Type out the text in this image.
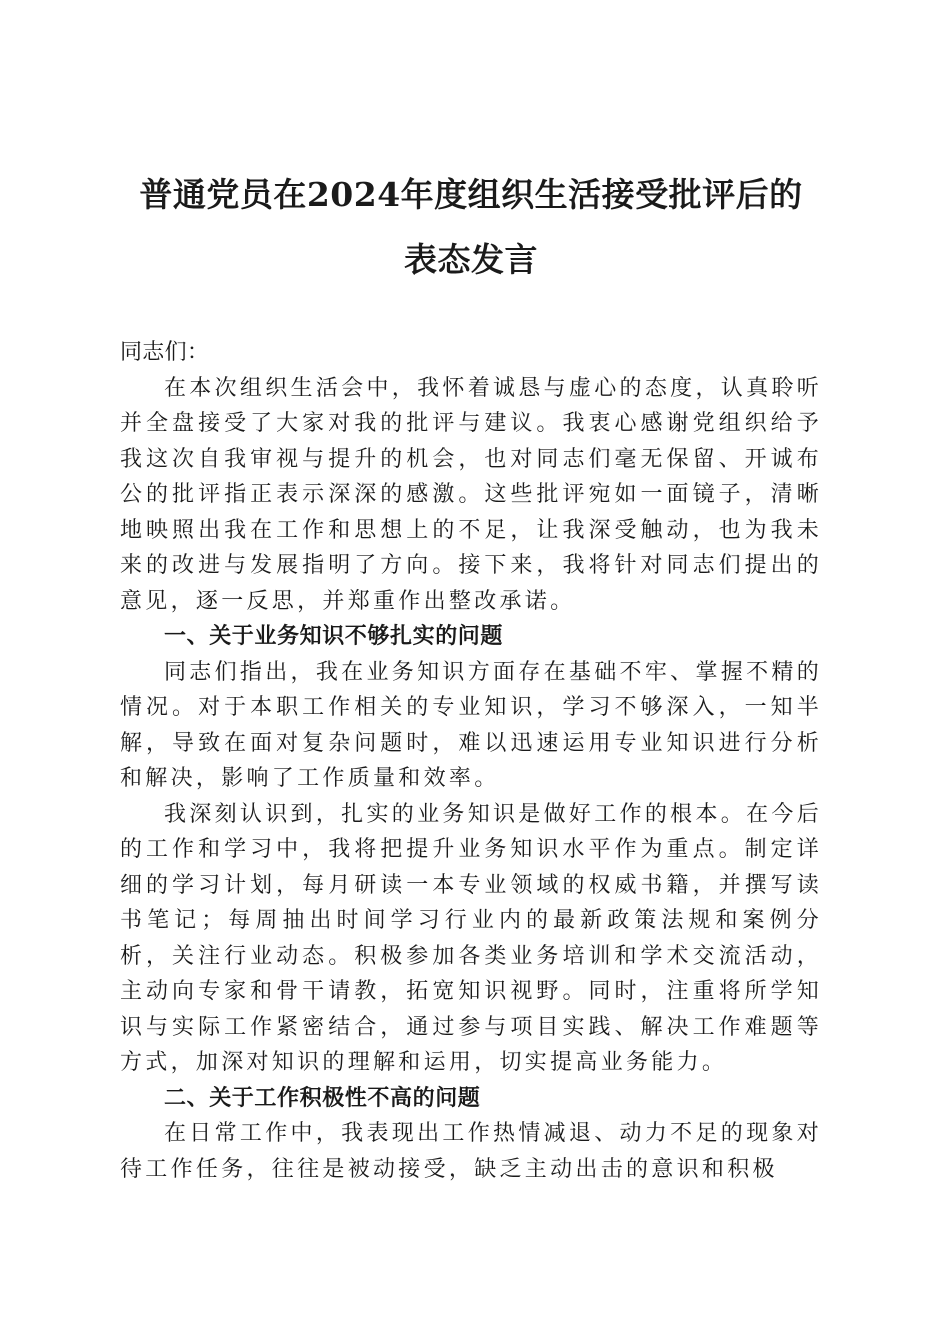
普通党员在2024年度组织生活接受批评后的
表态发言

同志们：

在本次组织生活会中，我怀着诚恳与虚心的态度，认真聆听并全盘接受了大家对我的批评与建议。我衷心感谢党组织给予我这次自我审视与提升的机会，也对同志们毫无保留、开诚布公的批评指正表示深深的感激。这些批评宛如一面镜子，清晰地映照出我在工作和思想上的不足，让我深受触动，也为我未来的改进与发展指明了方向。接下来，我将针对同志们提出的意见，逐一反思，并郑重作出整改承诺。

一、关于业务知识不够扎实的问题

同志们指出，我在业务知识方面存在基础不牢、掌握不精的情况。对于本职工作相关的专业知识，学习不够深入，一知半解，导致在面对复杂问题时，难以迅速运用专业知识进行分析和解决，影响了工作质量和效率。

我深刻认识到，扎实的业务知识是做好工作的根本。在今后的工作和学习中，我将把提升业务知识水平作为重点。制定详细的学习计划，每月研读一本专业领域的权威书籍，并撰写读书笔记；每周抽出时间学习行业内的最新政策法规和案例分析，关注行业动态。积极参加各类业务培训和学术交流活动，主动向专家和骨干请教，拓宽知识视野。同时，注重将所学知识与实际工作紧密结合，通过参与项目实践、解决工作难题等方式，加深对知识的理解和运用，切实提高业务能力。

二、关于工作积极性不高的问题

在日常工作中，我表现出工作热情减退、动力不足的现象对待工作任务，往往是被动接受，缺乏主动出击的意识和积极
